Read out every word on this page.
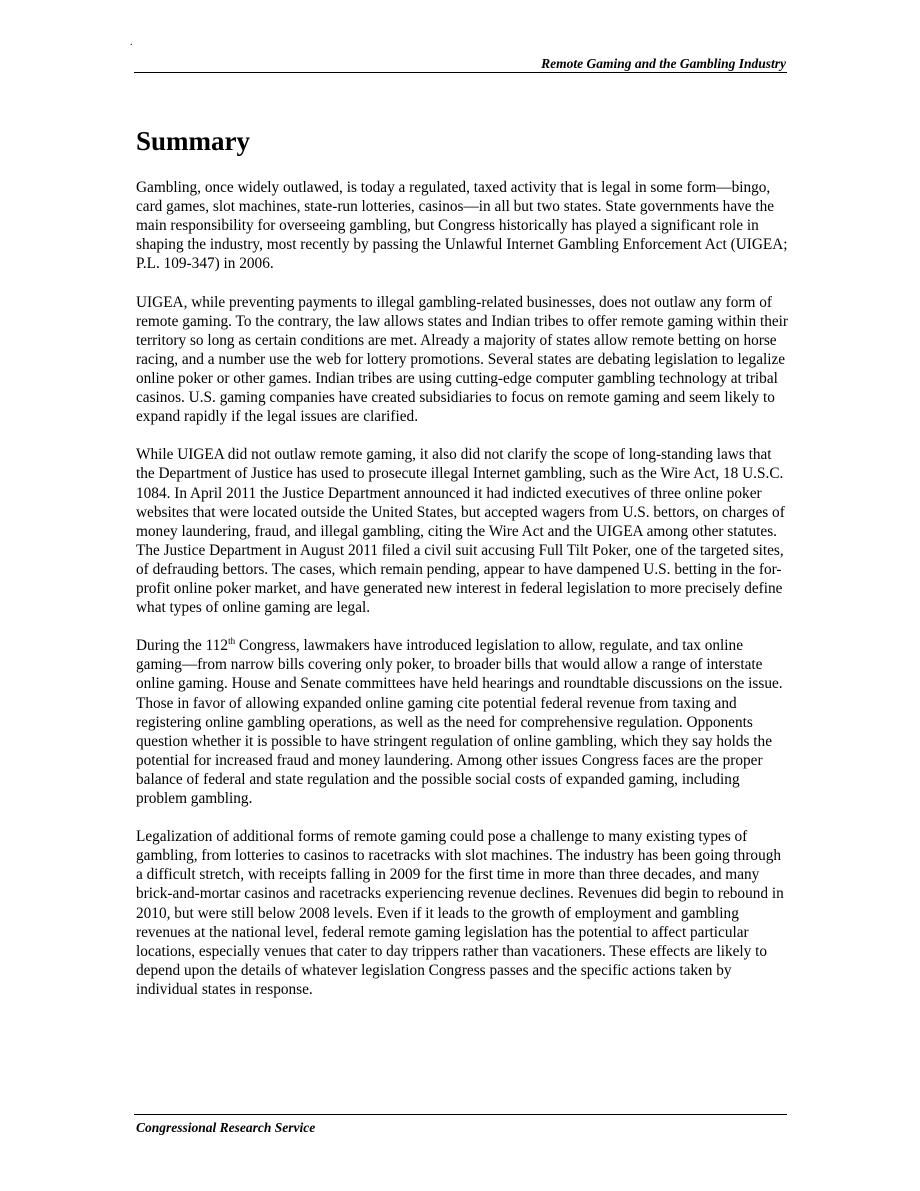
.
Remote Gaming and the Gambling Industry
Summary

Gambling, once widely outlawed, is today a regulated, taxed activity that is legal in some form—bingo, card games, slot machines, state-run lotteries, casinos—in all but two states. State governments have the main responsibility for overseeing gambling, but Congress historically has played a significant role in shaping the industry, most recently by passing the Unlawful Internet Gambling Enforcement Act (UIGEA; P.L. 109-347) in 2006.

UIGEA, while preventing payments to illegal gambling-related businesses, does not outlaw any form of remote gaming. To the contrary, the law allows states and Indian tribes to offer remote gaming within their territory so long as certain conditions are met. Already a majority of states allow remote betting on horse racing, and a number use the web for lottery promotions. Several states are debating legislation to legalize online poker or other games. Indian tribes are using cutting-edge computer gambling technology at tribal casinos. U.S. gaming companies have created subsidiaries to focus on remote gaming and seem likely to expand rapidly if the legal issues are clarified.

While UIGEA did not outlaw remote gaming, it also did not clarify the scope of long-standing laws that the Department of Justice has used to prosecute illegal Internet gambling, such as the Wire Act, 18 U.S.C. 1084. In April 2011 the Justice Department announced it had indicted executives of three online poker websites that were located outside the United States, but accepted wagers from U.S. bettors, on charges of money laundering, fraud, and illegal gambling, citing the Wire Act and the UIGEA among other statutes. The Justice Department in August 2011 filed a civil suit accusing Full Tilt Poker, one of the targeted sites, of defrauding bettors. The cases, which remain pending, appear to have dampened U.S. betting in the for-profit online poker market, and have generated new interest in federal legislation to more precisely define what types of online gaming are legal.

During the 112th Congress, lawmakers have introduced legislation to allow, regulate, and tax online gaming—from narrow bills covering only poker, to broader bills that would allow a range of interstate online gaming. House and Senate committees have held hearings and roundtable discussions on the issue. Those in favor of allowing expanded online gaming cite potential federal revenue from taxing and registering online gambling operations, as well as the need for comprehensive regulation. Opponents question whether it is possible to have stringent regulation of online gambling, which they say holds the potential for increased fraud and money laundering. Among other issues Congress faces are the proper balance of federal and state regulation and the possible social costs of expanded gaming, including problem gambling.

Legalization of additional forms of remote gaming could pose a challenge to many existing types of gambling, from lotteries to casinos to racetracks with slot machines. The industry has been going through a difficult stretch, with receipts falling in 2009 for the first time in more than three decades, and many brick-and-mortar casinos and racetracks experiencing revenue declines. Revenues did begin to rebound in 2010, but were still below 2008 levels. Even if it leads to the growth of employment and gambling revenues at the national level, federal remote gaming legislation has the potential to affect particular locations, especially venues that cater to day trippers rather than vacationers. These effects are likely to depend upon the details of whatever legislation Congress passes and the specific actions taken by individual states in response.

Congressional Research Service
